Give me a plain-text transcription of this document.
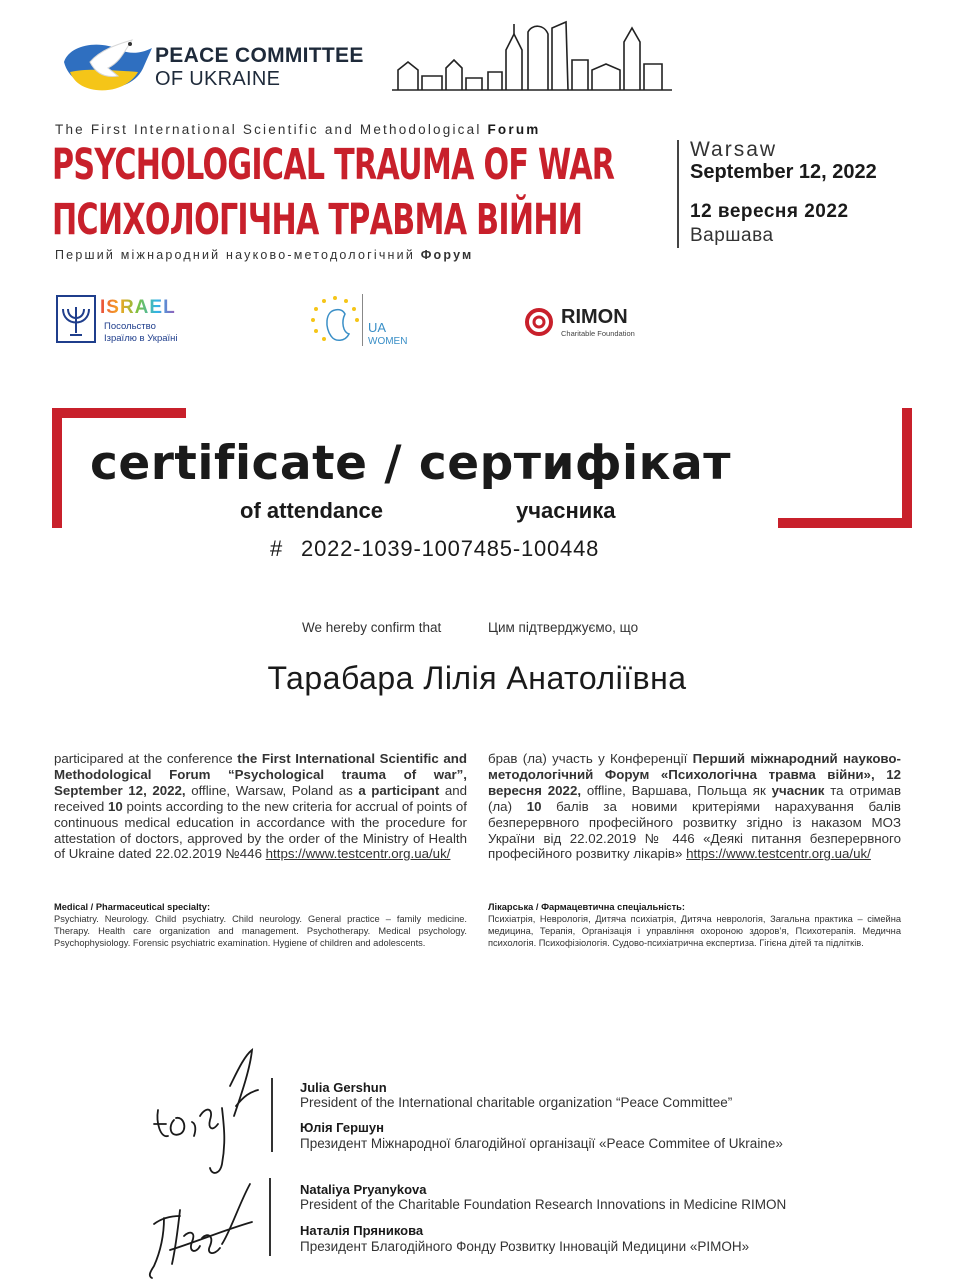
PEACE COMMITTEE
OF UKRAINE
The First International Scientific and Methodological Forum
PSYCHOLOGICAL TRAUMA OF WAR
ПСИХОЛОГІЧНА ТРАВМА ВІЙНИ
Перший міжнародний науково-методологічний Форум
Warsaw
September 12, 2022
12 вересня 2022
Варшава
ISRAEL
Посольство
Ізраїлю в Україні
UA
WOMEN
RIMON
Charitable Foundation
certificate / сертифікат
of attendance	учасника
# 2022-1039-1007485-100448
We hereby confirm that	Цим підтверджуємо, що
Тарабара Лілія Анатоліївна
participared at the conference the First International Scientific and Methodological Forum “Psychological trauma of war”, September 12, 2022, offline, Warsaw, Poland as a participant and received 10 points according to the new criteria for accrual of points of continuous medical education in accordance with the procedure for attestation of doctors, approved by the order of the Ministry of Health of Ukraine dated 22.02.2019 №446 https://www.testcentr.org.ua/uk/
брав (ла) участь у Конференції Перший міжнародний науково-методологічний Форум «Психологічна травма війни», 12 вересня 2022, offline, Варшава, Польща як учасник та отримав (ла) 10 балів за новими критеріями нарахування балів безперервного професійного розвитку згідно із наказом МОЗ України від 22.02.2019 № 446 «Деякі питання безперервного професійного розвитку лікарів» https://www.testcentr.org.ua/uk/
Medical / Pharmaceutical specialty:
Psychiatry. Neurology. Child psychiatry. Child neurology. General practice – family medicine. Therapy. Health care organization and management. Psychotherapy. Medical psychology. Psychophysiology. Forensic psychiatric examination. Hygiene of children and adolescents.
Лікарська / Фармацевтична спеціальність:
Психіатрія, Неврологія, Дитяча психіатрія, Дитяча неврологія, Загальна практика – сімейна медицина, Терапія, Організація і управління охороною здоров’я, Психотерапія. Медична психологія. Психофізіологія. Судово-психіатрична експертиза. Гігієна дітей та підлітків.
Julia Gershun
President of the International charitable organization “Peace Committee”
Юлія Гершун
Президент Міжнародної благодійної організації «Peace Commitee of Ukraine»
Nataliya Pryanykova
President of the Charitable Foundation Research Innovations in Medicine RIMON
Наталія Пряникова
Президент Благодійного Фонду Розвитку Інновацій Медицини «РІМОН»
